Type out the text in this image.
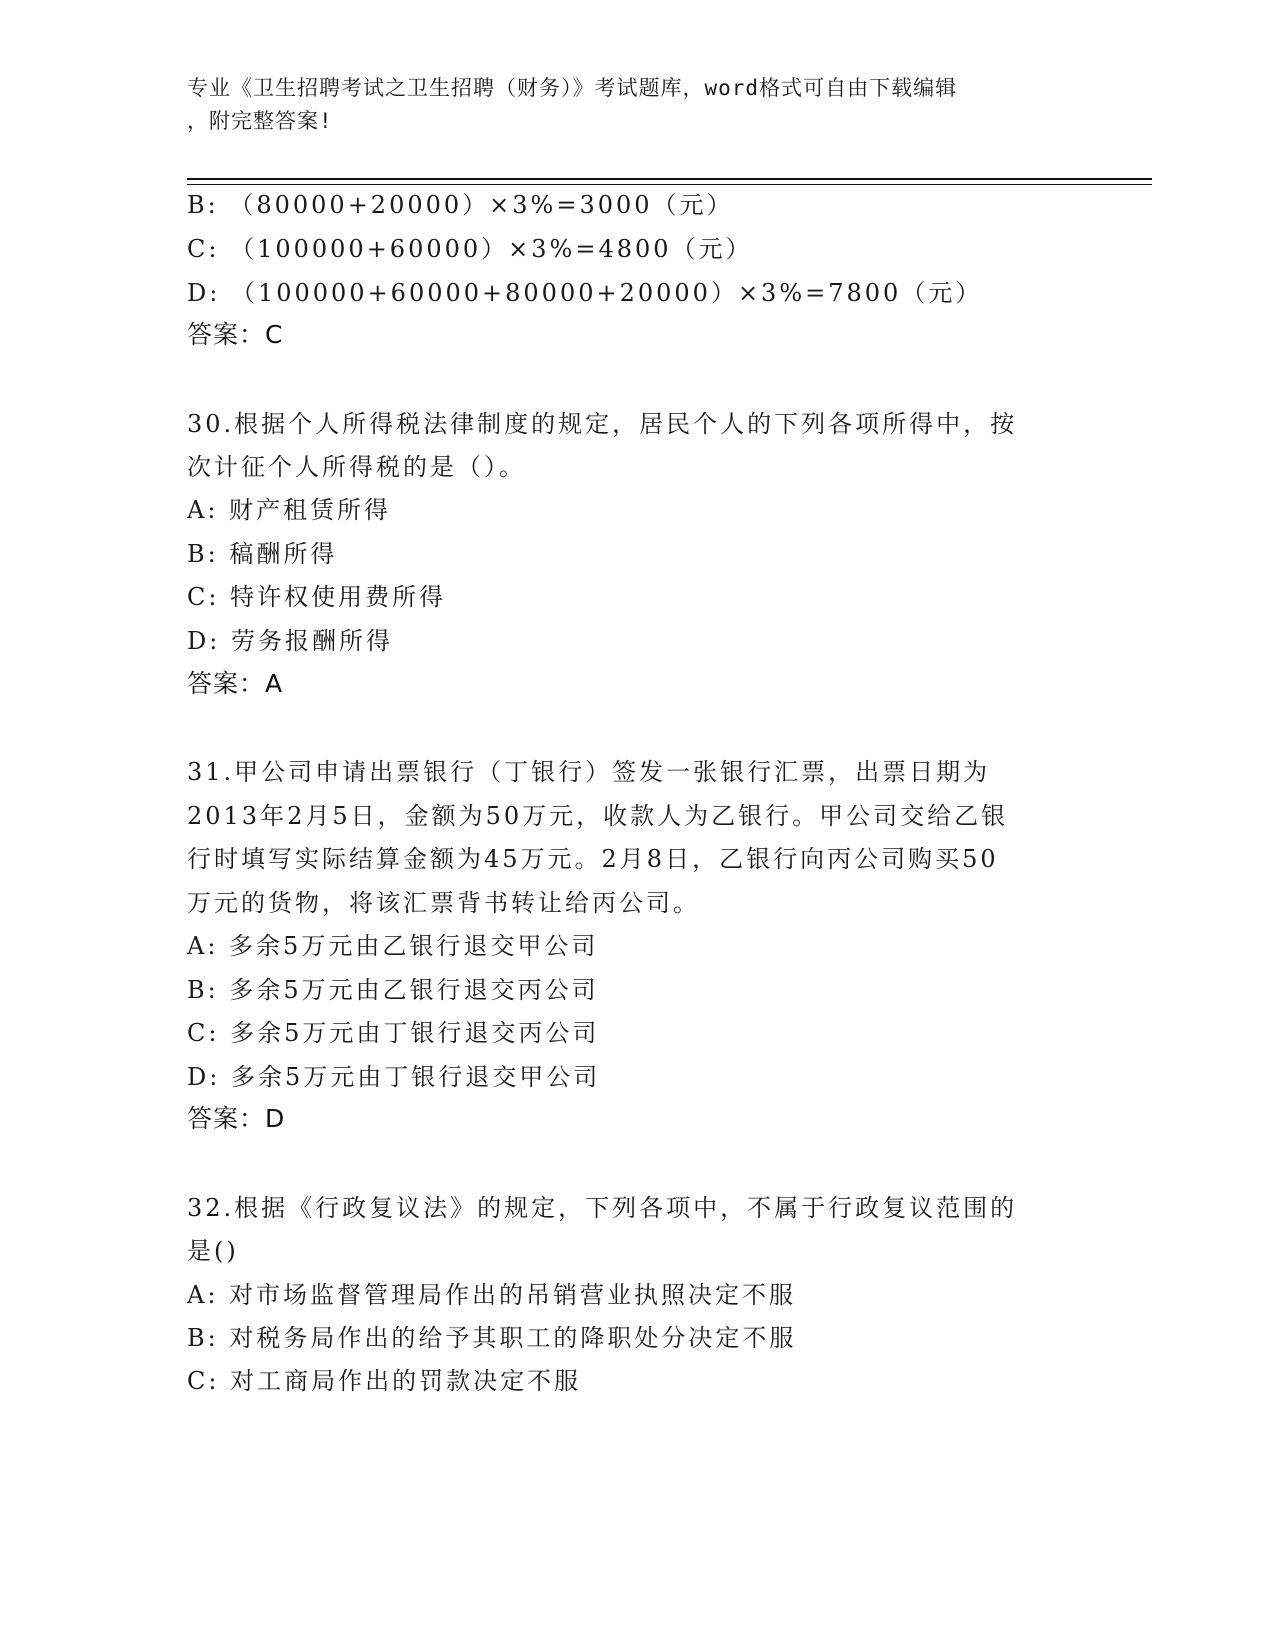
专业《卫生招聘考试之卫生招聘（财务）》考试题库，word格式可自由下载编辑
，附完整答案!
B: （80000+20000）×3%=3000（元）
C: （100000+60000）×3%=4800（元）
D: （100000+60000+80000+20000）×3%=7800（元）
答案：C
30.根据个人所得税法律制度的规定，居民个人的下列各项所得中，按
次计征个人所得税的是（）。
A: 财产租赁所得
B: 稿酬所得
C: 特许权使用费所得
D: 劳务报酬所得
答案：A
31.甲公司申请出票银行（丁银行）签发一张银行汇票，出票日期为
2013年2月5日，金额为50万元，收款人为乙银行。甲公司交给乙银
行时填写实际结算金额为45万元。2月8日，乙银行向丙公司购买50
万元的货物，将该汇票背书转让给丙公司。
A: 多余5万元由乙银行退交甲公司
B: 多余5万元由乙银行退交丙公司
C: 多余5万元由丁银行退交丙公司
D: 多余5万元由丁银行退交甲公司
答案：D
32.根据《行政复议法》的规定，下列各项中，不属于行政复议范围的
是()
A: 对市场监督管理局作出的吊销营业执照决定不服
B: 对税务局作出的给予其职工的降职处分决定不服
C: 对工商局作出的罚款决定不服
